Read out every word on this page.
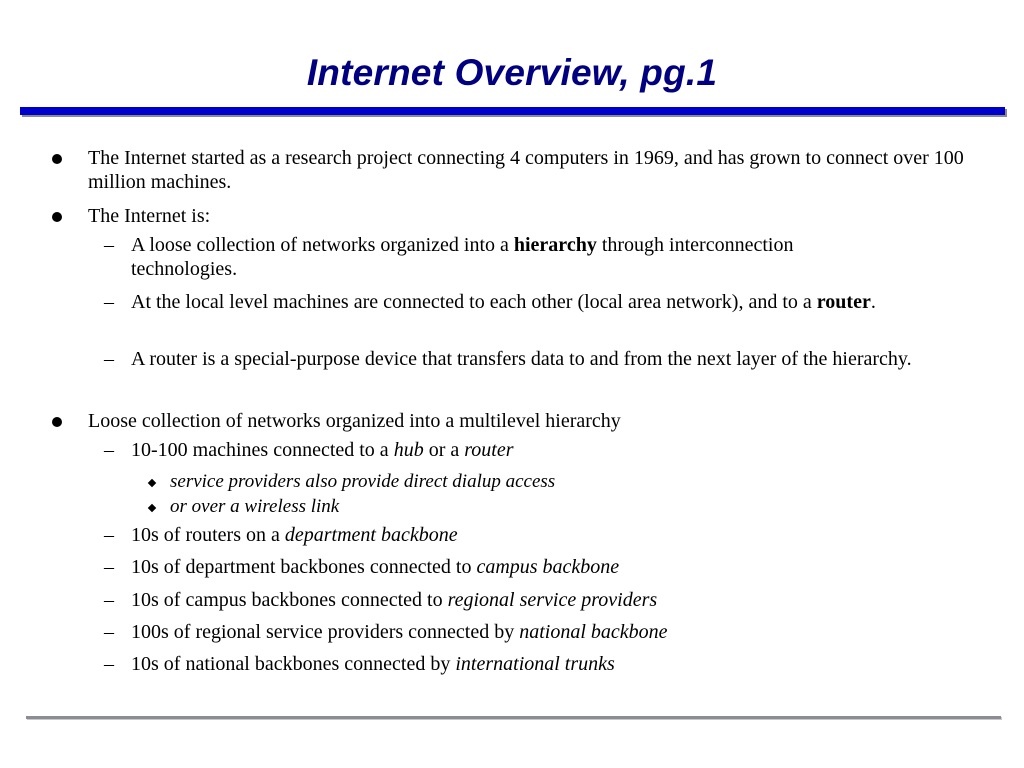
Internet Overview, pg.1

The Internet started as a research project connecting 4 computers in 1969, and has grown to connect over 100 million machines.

The Internet is:

– A loose collection of networks organized into a hierarchy through interconnection technologies.

– At the local level machines are connected to each other (local area network), and to a router.

– A router is a special-purpose device that transfers data to and from the next layer of the hierarchy.

Loose collection of networks organized into a multilevel hierarchy

– 10-100 machines connected to a hub or a router

service providers also provide direct dialup access

or over a wireless link

– 10s of routers on a department backbone

– 10s of department backbones connected to campus backbone

– 10s of campus backbones connected to regional service providers

– 100s of regional service providers connected by national backbone

– 10s of national backbones connected by international trunks
